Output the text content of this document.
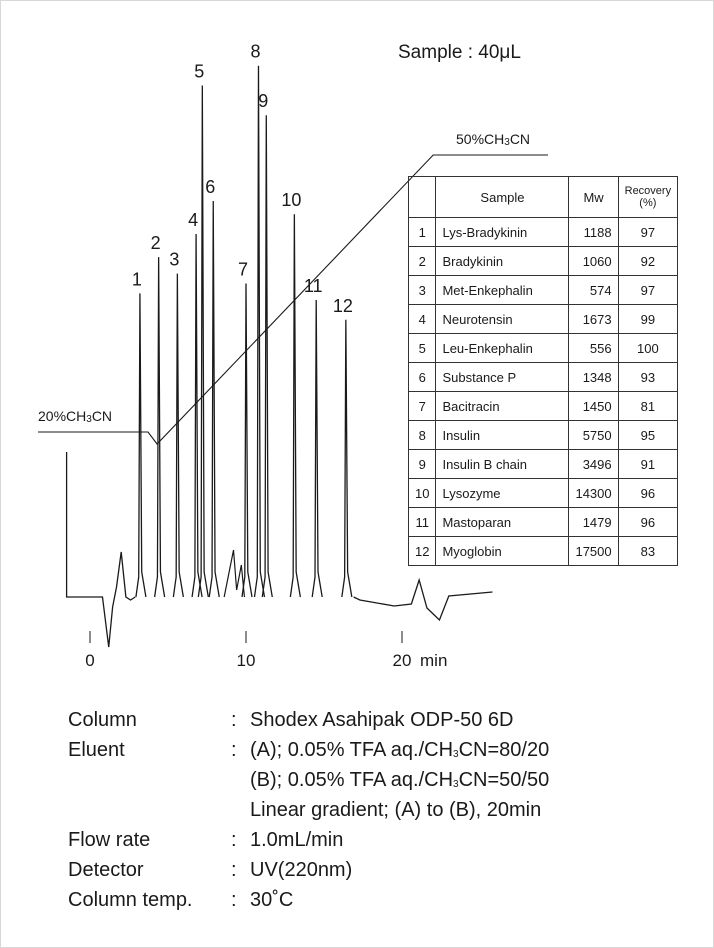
1
2
3
4
5
6
7
8
9
10
11
12
0	10	20 min
Sample : 40μL
$20\%CH_3CN$
$50\%CH_3CN$
	Sample	Mw	Recovery
(%)
1	Lys-Bradykinin	1188	97
2	Bradykinin	1060	92
3	Met-Enkephalin	574	97
4	Neurotensin	1673	99
5	Leu-Enkephalin	556	100
6	Substance P	1348	93
7	Bacitracin	1450	81
8	Insulin	5750	95
9	Insulin B chain	3496	91
10	Lysozyme	14300	96
11	Mastoparan	1479	96
12	Myoglobin	17500	83
Column	: Shodex Asahipak ODP-50 6D
Eluent	: (A); 0.05% TFA $aq./CH_3CN=80/20$
(B); 0.05% TFA $aq./CH_3CN=50/50$
Linear gradient; (A) to (B), 20min
Flow rate	: 1.0mL/min
Detector	: UV(220nm)
Column temp. : 30˚C
